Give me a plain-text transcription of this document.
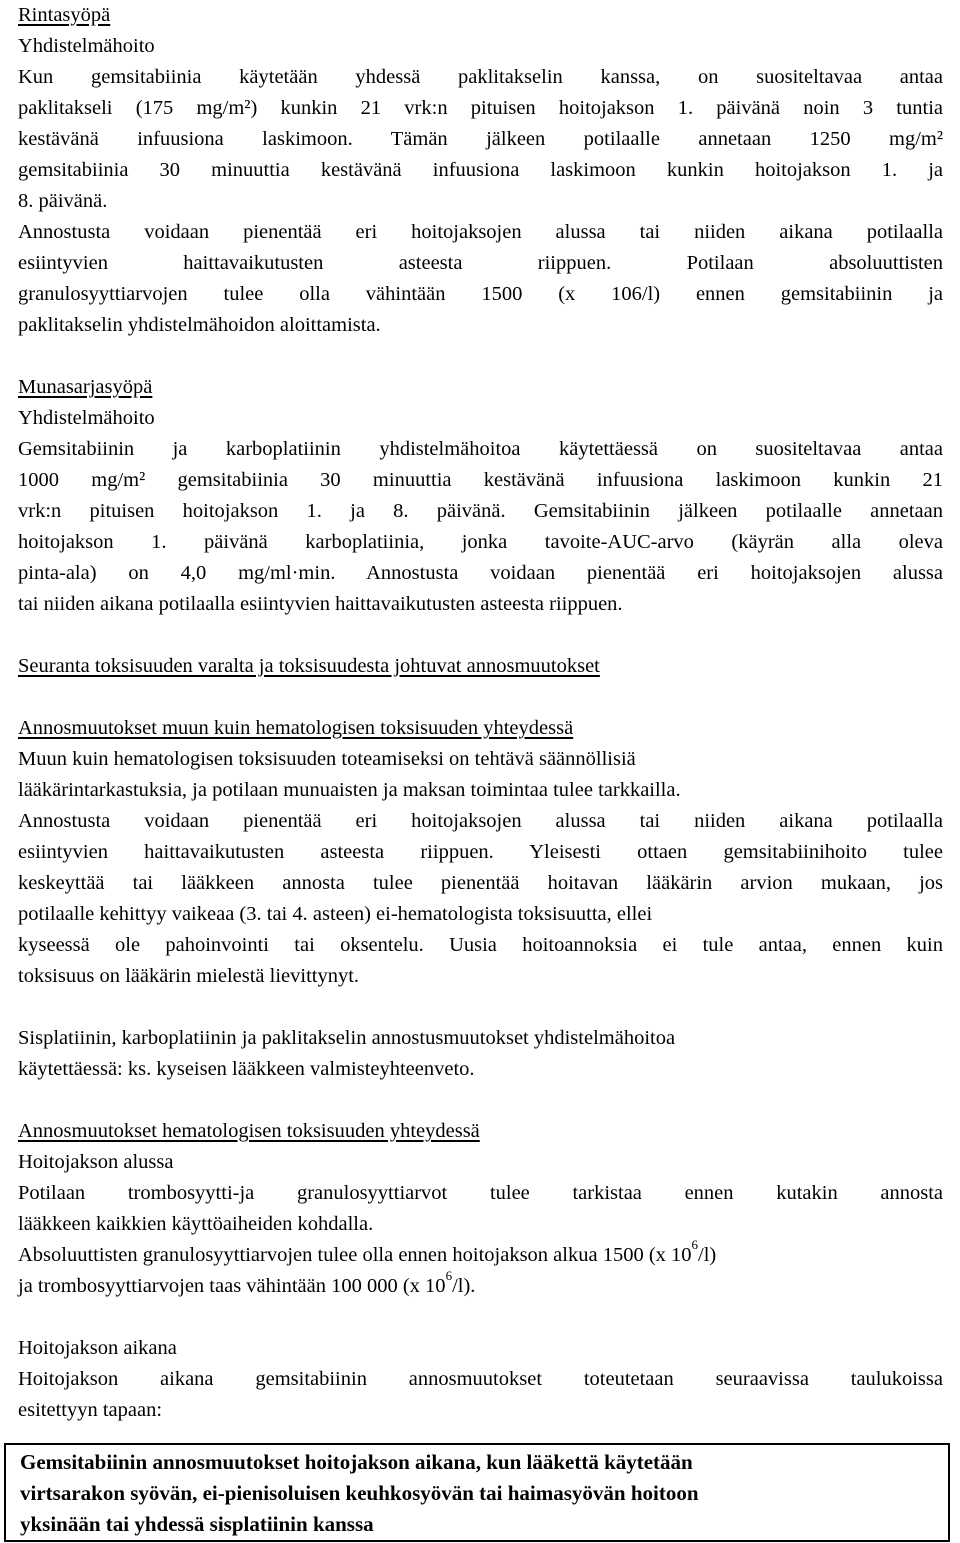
Rintasyöpä
Yhdistelmähoito
Kun gemsitabiinia käytetään yhdessä paklitakselin kanssa, on suositeltavaa antaa
paklitakseli (175 mg/m²) kunkin 21 vrk:n pituisen hoitojakson 1. päivänä noin 3 tuntia
kestävänä infuusiona laskimoon. Tämän jälkeen potilaalle annetaan 1250 mg/m²
gemsitabiinia 30 minuuttia kestävänä infuusiona laskimoon kunkin hoitojakson 1. ja
8. päivänä.
Annostusta voidaan pienentää eri hoitojaksojen alussa tai niiden aikana potilaalla
esiintyvien haittavaikutusten asteesta riippuen. Potilaan absoluuttisten
granulosyyttiarvojen tulee olla vähintään 1500 (x 106/l) ennen gemsitabiinin ja
paklitakselin yhdistelmähoidon aloittamista.
Munasarjasyöpä
Yhdistelmähoito
Gemsitabiinin ja karboplatiinin yhdistelmähoitoa käytettäessä on suositeltavaa antaa
1000 mg/m² gemsitabiinia 30 minuuttia kestävänä infuusiona laskimoon kunkin 21
vrk:n pituisen hoitojakson 1. ja 8. päivänä. Gemsitabiinin jälkeen potilaalle annetaan
hoitojakson 1. päivänä karboplatiinia, jonka tavoite-AUC-arvo (käyrän alla oleva
pinta-ala) on 4,0 mg/ml·min. Annostusta voidaan pienentää eri hoitojaksojen alussa
tai niiden aikana potilaalla esiintyvien haittavaikutusten asteesta riippuen.
Seuranta toksisuuden varalta ja toksisuudesta johtuvat annosmuutokset
Annosmuutokset muun kuin hematologisen toksisuuden yhteydessä
Muun kuin hematologisen toksisuuden toteamiseksi on tehtävä säännöllisiä
lääkärintarkastuksia, ja potilaan munuaisten ja maksan toimintaa tulee tarkkailla.
Annostusta voidaan pienentää eri hoitojaksojen alussa tai niiden aikana potilaalla
esiintyvien haittavaikutusten asteesta riippuen. Yleisesti ottaen gemsitabiinihoito tulee
keskeyttää tai lääkkeen annosta tulee pienentää hoitavan lääkärin arvion mukaan, jos
potilaalle kehittyy vaikeaa (3. tai 4. asteen) ei-hematologista toksisuutta, ellei
kyseessä ole pahoinvointi tai oksentelu. Uusia hoitoannoksia ei tule antaa, ennen kuin
toksisuus on lääkärin mielestä lievittynyt.
Sisplatiinin, karboplatiinin ja paklitakselin annostusmuutokset yhdistelmähoitoa
käytettäessä: ks. kyseisen lääkkeen valmisteyhteenveto.
Annosmuutokset hematologisen toksisuuden yhteydessä
Hoitojakson alussa
Potilaan trombosyytti-ja granulosyyttiarvot tulee tarkistaa ennen kutakin annosta
lääkkeen kaikkien käyttöaiheiden kohdalla.
Absoluuttisten granulosyyttiarvojen tulee olla ennen hoitojakson alkua 1500 (x $10^6/l$)
ja trombosyyttiarvojen taas vähintään 100 000 (x $10^6/l$).
Hoitojakson aikana
Hoitojakson aikana gemsitabiinin annosmuutokset toteutetaan seuraavissa taulukoissa
esitettyyn tapaan:
Gemsitabiinin annosmuutokset hoitojakson aikana, kun lääkettä käytetään
virtsarakon syövän, ei-pienisoluisen keuhkosyövän tai haimasyövän hoitoon
yksinään tai yhdessä sisplatiinin kanssa
